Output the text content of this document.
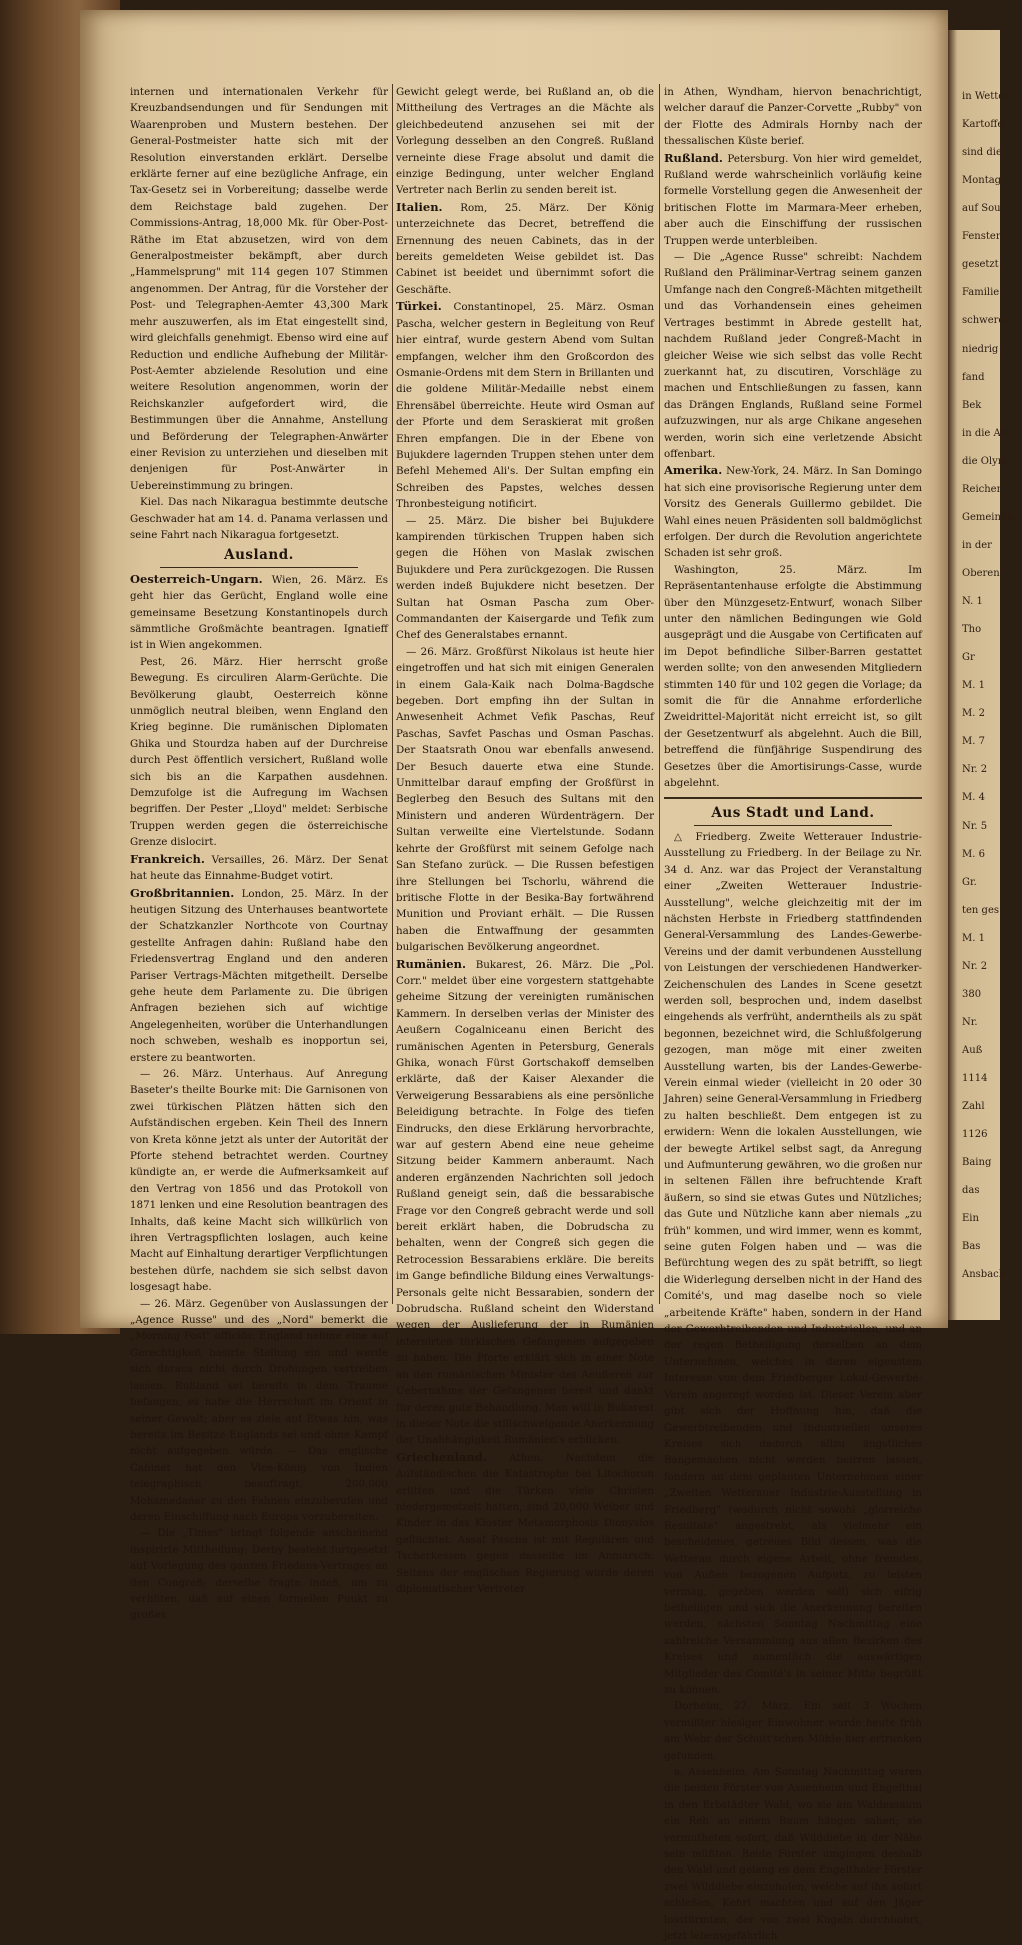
internen und internationalen Verkehr für Kreuzbandsendungen und für Sendungen mit Waarenproben und Mustern bestehen. Der General-Postmeister hatte sich mit der Resolution einverstanden erklärt. Derselbe erklärte ferner auf eine bezügliche Anfrage, ein Tax-Gesetz sei in Vorbereitung; dasselbe werde dem Reichstage bald zugehen. Der Commissions-Antrag, 18,000 Mk. für Ober-Post-Räthe im Etat abzusetzen, wird von dem Generalpostmeister bekämpft, aber durch „Hammelsprung" mit 114 gegen 107 Stimmen angenommen. Der Antrag, für die Vorsteher der Post- und Telegraphen-Aemter 43,300 Mark mehr auszuwerfen, als im Etat eingestellt sind, wird gleichfalls genehmigt. Ebenso wird eine auf Reduction und endliche Aufhebung der Militär-Post-Aemter abzielende Resolution und eine weitere Resolution angenommen, worin der Reichskanzler aufgefordert wird, die Bestimmungen über die Annahme, Anstellung und Beförderung der Telegraphen-Anwärter einer Revision zu unterziehen und dieselben mit denjenigen für Post-Anwärter in Uebereinstimmung zu bringen.

Kiel. Das nach Nikaragua bestimmte deutsche Geschwader hat am 14. d. Panama verlassen und seine Fahrt nach Nikaragua fortgesetzt.

Ausland.

Oesterreich-Ungarn. Wien, 26. März. Es geht hier das Gerücht, England wolle eine gemeinsame Besetzung Konstantinopels durch sämmtliche Großmächte beantragen. Ignatieff ist in Wien angekommen.

Pest, 26. März. Hier herrscht große Bewegung. Es circuliren Alarm-Gerüchte. Die Bevölkerung glaubt, Oesterreich könne unmöglich neutral bleiben, wenn England den Krieg beginne. Die rumänischen Diplomaten Ghika und Stourdza haben auf der Durchreise durch Pest öffentlich versichert, Rußland wolle sich bis an die Karpathen ausdehnen. Demzufolge ist die Aufregung im Wachsen begriffen. Der Pester „Lloyd" meldet: Serbische Truppen werden gegen die österreichische Grenze dislocirt.

Frankreich. Versailles, 26. März. Der Senat hat heute das Einnahme-Budget votirt.

Großbritannien. London, 25. März. In der heutigen Sitzung des Unterhauses beantwortete der Schatzkanzler Northcote von Courtnay gestellte Anfragen dahin: Rußland habe den Friedensvertrag England und den anderen Pariser Vertrags-Mächten mitgetheilt. Derselbe gehe heute dem Parlamente zu. Die übrigen Anfragen beziehen sich auf wichtige Angelegenheiten, worüber die Unterhandlungen noch schweben, weshalb es inopportun sei, erstere zu beantworten.

— 26. März. Unterhaus. Auf Anregung Baseter's theilte Bourke mit: Die Garnisonen von zwei türkischen Plätzen hätten sich den Aufständischen ergeben. Kein Theil des Innern von Kreta könne jetzt als unter der Autorität der Pforte stehend betrachtet werden. Courtney kündigte an, er werde die Aufmerksamkeit auf den Vertrag von 1856 und das Protokoll von 1871 lenken und eine Resolution beantragen des Inhalts, daß keine Macht sich willkürlich von ihren Vertragspflichten loslagen, auch keine Macht auf Einhaltung derartiger Verpflichtungen bestehen dürfe, nachdem sie sich selbst davon losgesagt habe.

— 26. März. Gegenüber von Auslassungen der „Agence Russe" und des „Nord" bemerkt die „Morning Post" officiös: England nehme eine auf Gerechtigkeit basirte Stellung ein und werde sich daraus nicht durch Drohungen vertreiben lassen. Rußland sei bereits in dem Traume befangen, es habe die Herrschaft im Orient in seiner Gewalt; aber es ziele auf Etwas hin, was bereits im Besitze Englands sei und ohne Kampf nicht aufgegeben würde. — Das englische Cabinet hat den Vice-König von Indien telegraphisch beauftragt, 200,000 Mohamedaner zu den Fahnen einzuberufen und deren Einschiffung nach Europa vorzubereiten.

— Die „Times" bringt folgende anscheinend inspirirte Mittheilung: Derby besteht fortgesetzt auf Vorlegung des ganzen Friedens-Vertrages an den Congreß; derselbe fragte indeß, um zu verhüten, daß auf einen formellen Punkt zu großes

Gewicht gelegt werde, bei Rußland an, ob die Mittheilung des Vertrages an die Mächte als gleichbedeutend anzusehen sei mit der Vorlegung desselben an den Congreß. Rußland verneinte diese Frage absolut und damit die einzige Bedingung, unter welcher England Vertreter nach Berlin zu senden bereit ist.

Italien. Rom, 25. März. Der König unterzeichnete das Decret, betreffend die Ernennung des neuen Cabinets, das in der bereits gemeldeten Weise gebildet ist. Das Cabinet ist beeidet und übernimmt sofort die Geschäfte.

Türkei. Constantinopel, 25. März. Osman Pascha, welcher gestern in Begleitung von Reuf hier eintraf, wurde gestern Abend vom Sultan empfangen, welcher ihm den Großcordon des Osmanie-Ordens mit dem Stern in Brillanten und die goldene Militär-Medaille nebst einem Ehrensäbel überreichte. Heute wird Osman auf der Pforte und dem Seraskierat mit großen Ehren empfangen. Die in der Ebene von Bujukdere lagernden Truppen stehen unter dem Befehl Mehemed Ali's. Der Sultan empfing ein Schreiben des Papstes, welches dessen Thronbesteigung notificirt.

— 25. März. Die bisher bei Bujukdere kampirenden türkischen Truppen haben sich gegen die Höhen von Maslak zwischen Bujukdere und Pera zurückgezogen. Die Russen werden indeß Bujukdere nicht besetzen. Der Sultan hat Osman Pascha zum Ober-Commandanten der Kaisergarde und Tefik zum Chef des Generalstabes ernannt.

— 26. März. Großfürst Nikolaus ist heute hier eingetroffen und hat sich mit einigen Generalen in einem Gala-Kaik nach Dolma-Bagdsche begeben. Dort empfing ihn der Sultan in Anwesenheit Achmet Vefik Paschas, Reuf Paschas, Savfet Paschas und Osman Paschas. Der Staatsrath Onou war ebenfalls anwesend. Der Besuch dauerte etwa eine Stunde. Unmittelbar darauf empfing der Großfürst in Beglerbeg den Besuch des Sultans mit den Ministern und anderen Würdenträgern. Der Sultan verweilte eine Viertelstunde. Sodann kehrte der Großfürst mit seinem Gefolge nach San Stefano zurück. — Die Russen befestigen ihre Stellungen bei Tschorlu, während die britische Flotte in der Besika-Bay fortwährend Munition und Proviant erhält. — Die Russen haben die Entwaffnung der gesammten bulgarischen Bevölkerung angeordnet.

Rumänien. Bukarest, 26. März. Die „Pol. Corr." meldet über eine vorgestern stattgehabte geheime Sitzung der vereinigten rumänischen Kammern. In derselben verlas der Minister des Aeußern Cogalniceanu einen Bericht des rumänischen Agenten in Petersburg, Generals Ghika, wonach Fürst Gortschakoff demselben erklärte, daß der Kaiser Alexander die Verweigerung Bessarabiens als eine persönliche Beleidigung betrachte. In Folge des tiefen Eindrucks, den diese Erklärung hervorbrachte, war auf gestern Abend eine neue geheime Sitzung beider Kammern anberaumt. Nach anderen ergänzenden Nachrichten soll jedoch Rußland geneigt sein, daß die bessarabische Frage vor den Congreß gebracht werde und soll bereit erklärt haben, die Dobrudscha zu behalten, wenn der Congreß sich gegen die Retrocession Bessarabiens erkläre. Die bereits im Gange befindliche Bildung eines Verwaltungs-Personals gelte nicht Bessarabien, sondern der Dobrudscha. Rußland scheint den Widerstand wegen der Auslieferung der in Rumänien internirten türkischen Gefangenen aufgegeben zu haben. Die Pforte erklärt sich in einer Note an den rumänischen Minister des Aeußeren zur Uebernahme der Gefangenen bereit und dankt für deren gute Behandlung. Man will in Bukarest in dieser Note die stillschweigende Anerkennung der Unabhängigkeit Rumänien's erblicken.

Griechenland. Athen. Nachdem die Aufständischen die Katastrophe bei Litochoron erlitten und die Türken viele Christen niedergemetzelt hatten, sind 20,000 Weiber und Kinder in das Kloster Metamorphosis Dionysios geflüchtet. Assaf Pascha ist mit Regulären und Tscherkessen gegen dasselbe im Anmarsch. Seitens der englischen Regierung wurde deren diplomatischer Vertreter

in Athen, Wyndham, hiervon benachrichtigt, welcher darauf die Panzer-Corvette „Rubby" von der Flotte des Admirals Hornby nach der thessalischen Küste berief.

Rußland. Petersburg. Von hier wird gemeldet, Rußland werde wahrscheinlich vorläufig keine formelle Vorstellung gegen die Anwesenheit der britischen Flotte im Marmara-Meer erheben, aber auch die Einschiffung der russischen Truppen werde unterbleiben.

— Die „Agence Russe" schreibt: Nachdem Rußland den Präliminar-Vertrag seinem ganzen Umfange nach den Congreß-Mächten mitgetheilt und das Vorhandensein eines geheimen Vertrages bestimmt in Abrede gestellt hat, nachdem Rußland jeder Congreß-Macht in gleicher Weise wie sich selbst das volle Recht zuerkannt hat, zu discutiren, Vorschläge zu machen und Entschließungen zu fassen, kann das Drängen Englands, Rußland seine Formel aufzuzwingen, nur als arge Chikane angesehen werden, worin sich eine verletzende Absicht offenbart.

Amerika. New-York, 24. März. In San Domingo hat sich eine provisorische Regierung unter dem Vorsitz des Generals Guillermo gebildet. Die Wahl eines neuen Präsidenten soll baldmöglichst erfolgen. Der durch die Revolution angerichtete Schaden ist sehr groß.

Washington, 25. März. Im Repräsentantenhause erfolgte die Abstimmung über den Münzgesetz-Entwurf, wonach Silber unter den nämlichen Bedingungen wie Gold ausgeprägt und die Ausgabe von Certificaten auf im Depot befindliche Silber-Barren gestattet werden sollte; von den anwesenden Mitgliedern stimmten 140 für und 102 gegen die Vorlage; da somit die für die Annahme erforderliche Zweidrittel-Majorität nicht erreicht ist, so gilt der Gesetzentwurf als abgelehnt. Auch die Bill, betreffend die fünfjährige Suspendirung des Gesetzes über die Amortisirungs-Casse, wurde abgelehnt.

Aus Stadt und Land.

△ Friedberg. Zweite Wetterauer Industrie-Ausstellung zu Friedberg. In der Beilage zu Nr. 34 d. Anz. war das Project der Veranstaltung einer „Zweiten Wetterauer Industrie-Ausstellung", welche gleichzeitig mit der im nächsten Herbste in Friedberg stattfindenden General-Versammlung des Landes-Gewerbe-Vereins und der damit verbundenen Ausstellung von Leistungen der verschiedenen Handwerker-Zeichenschulen des Landes in Scene gesetzt werden soll, besprochen und, indem daselbst eingehends als verfrüht, anderntheils als zu spät begonnen, bezeichnet wird, die Schlußfolgerung gezogen, man möge mit einer zweiten Ausstellung warten, bis der Landes-Gewerbe-Verein einmal wieder (vielleicht in 20 oder 30 Jahren) seine General-Versammlung in Friedberg zu halten beschließt. Dem entgegen ist zu erwidern: Wenn die lokalen Ausstellungen, wie der bewegte Artikel selbst sagt, da Anregung und Aufmunterung gewähren, wo die großen nur in seltenen Fällen ihre befruchtende Kraft äußern, so sind sie etwas Gutes und Nützliches; das Gute und Nützliche kann aber niemals „zu früh" kommen, und wird immer, wenn es kommt, seine guten Folgen haben und — was die Befürchtung wegen des zu spät betrifft, so liegt die Widerlegung derselben nicht in der Hand des Comité's, und mag daselbe noch so viele „arbeitende Kräfte" haben, sondern in der Hand der Gewerbtreibenden und Industriellen, und an der regen Betheiligung derselben an dem Unternehmen, welches in deren eigenstem Interesse von dem Friedberger Lokal-Gewerbe-Verein angeregt worden ist. Dieser Verein aber gibt sich der Hoffnung hin, daß die Gewerbtreibenden und Industriellen unseres Kreises sich dadurch allzu ängstliches Bangemachen nicht werden beirren lassen, fondern an dem geplanten Unternehmen einer „Zweiten Wetterauer Industrie-Ausstellung in Friedberg" (wodurch nicht sowohl „glorreiche Resultate" angestrebt, als vielmehr ein bescheidenes, getreues Bild dessen, was die Wetterau durch eigene Arbeit, ohne fremden, von Außen bezogenen Aufputz, zu leisten vermag, gegeben werden soll) sich eifrig betheiligen und sich die Anerkennung bereiten werden, nächsten Sonntag Nachmittag eine zahlreiche Versammlung aus allen Bezirken des Kreises und namentlich die auswärtigen Mitglieder des Comité's in seiner Mitte begrüßt zu können.

Dorheim, 27. März. Ein seit 3 Wochen vermißter hiesiger Einwohner wurde heute früh am Wehr der Schutt'schen Mühle hier ertrunken gefunden.

a. Assenheim. Am Sonntag Nachmittag waren die beiden Förster von Assenheim und Engelthal in den Erbstädter Wald, wo sie am Waldessaum ein Reh an einem Baum hängen sahen; sie vermutheten sofort, daß Wilddiebe in der Nähe sein müßten. Beide Förster umgingen deshalb den Wald und gelang es dem Engelthaler Förster zwei Wilddiebe einzuholen, welche auf ihn sofort schießen, Kehrt machten und auf den Jäger losstürmten, der von zwei Kugeln durchbohrt, jetzt lebensgefährlich

in Wetter
Kartoffel
sind die
Montag
auf Sou
Fenster
gesetzt
Familie
schwere
niedrig
fand
Bek
in die Art
die Olym
Reichen
Gemeinde
in der
Oberen
N. 1
Tho
Gr
M. 1
M. 2
M. 7
Nr. 2
M. 4
Nr. 5
M. 6
Gr.
ten ges
M. 1
Nr. 2
380
Nr.
Auß
1114
Zahl
1126
Baing
das
Ein
Bas
Ansbach
